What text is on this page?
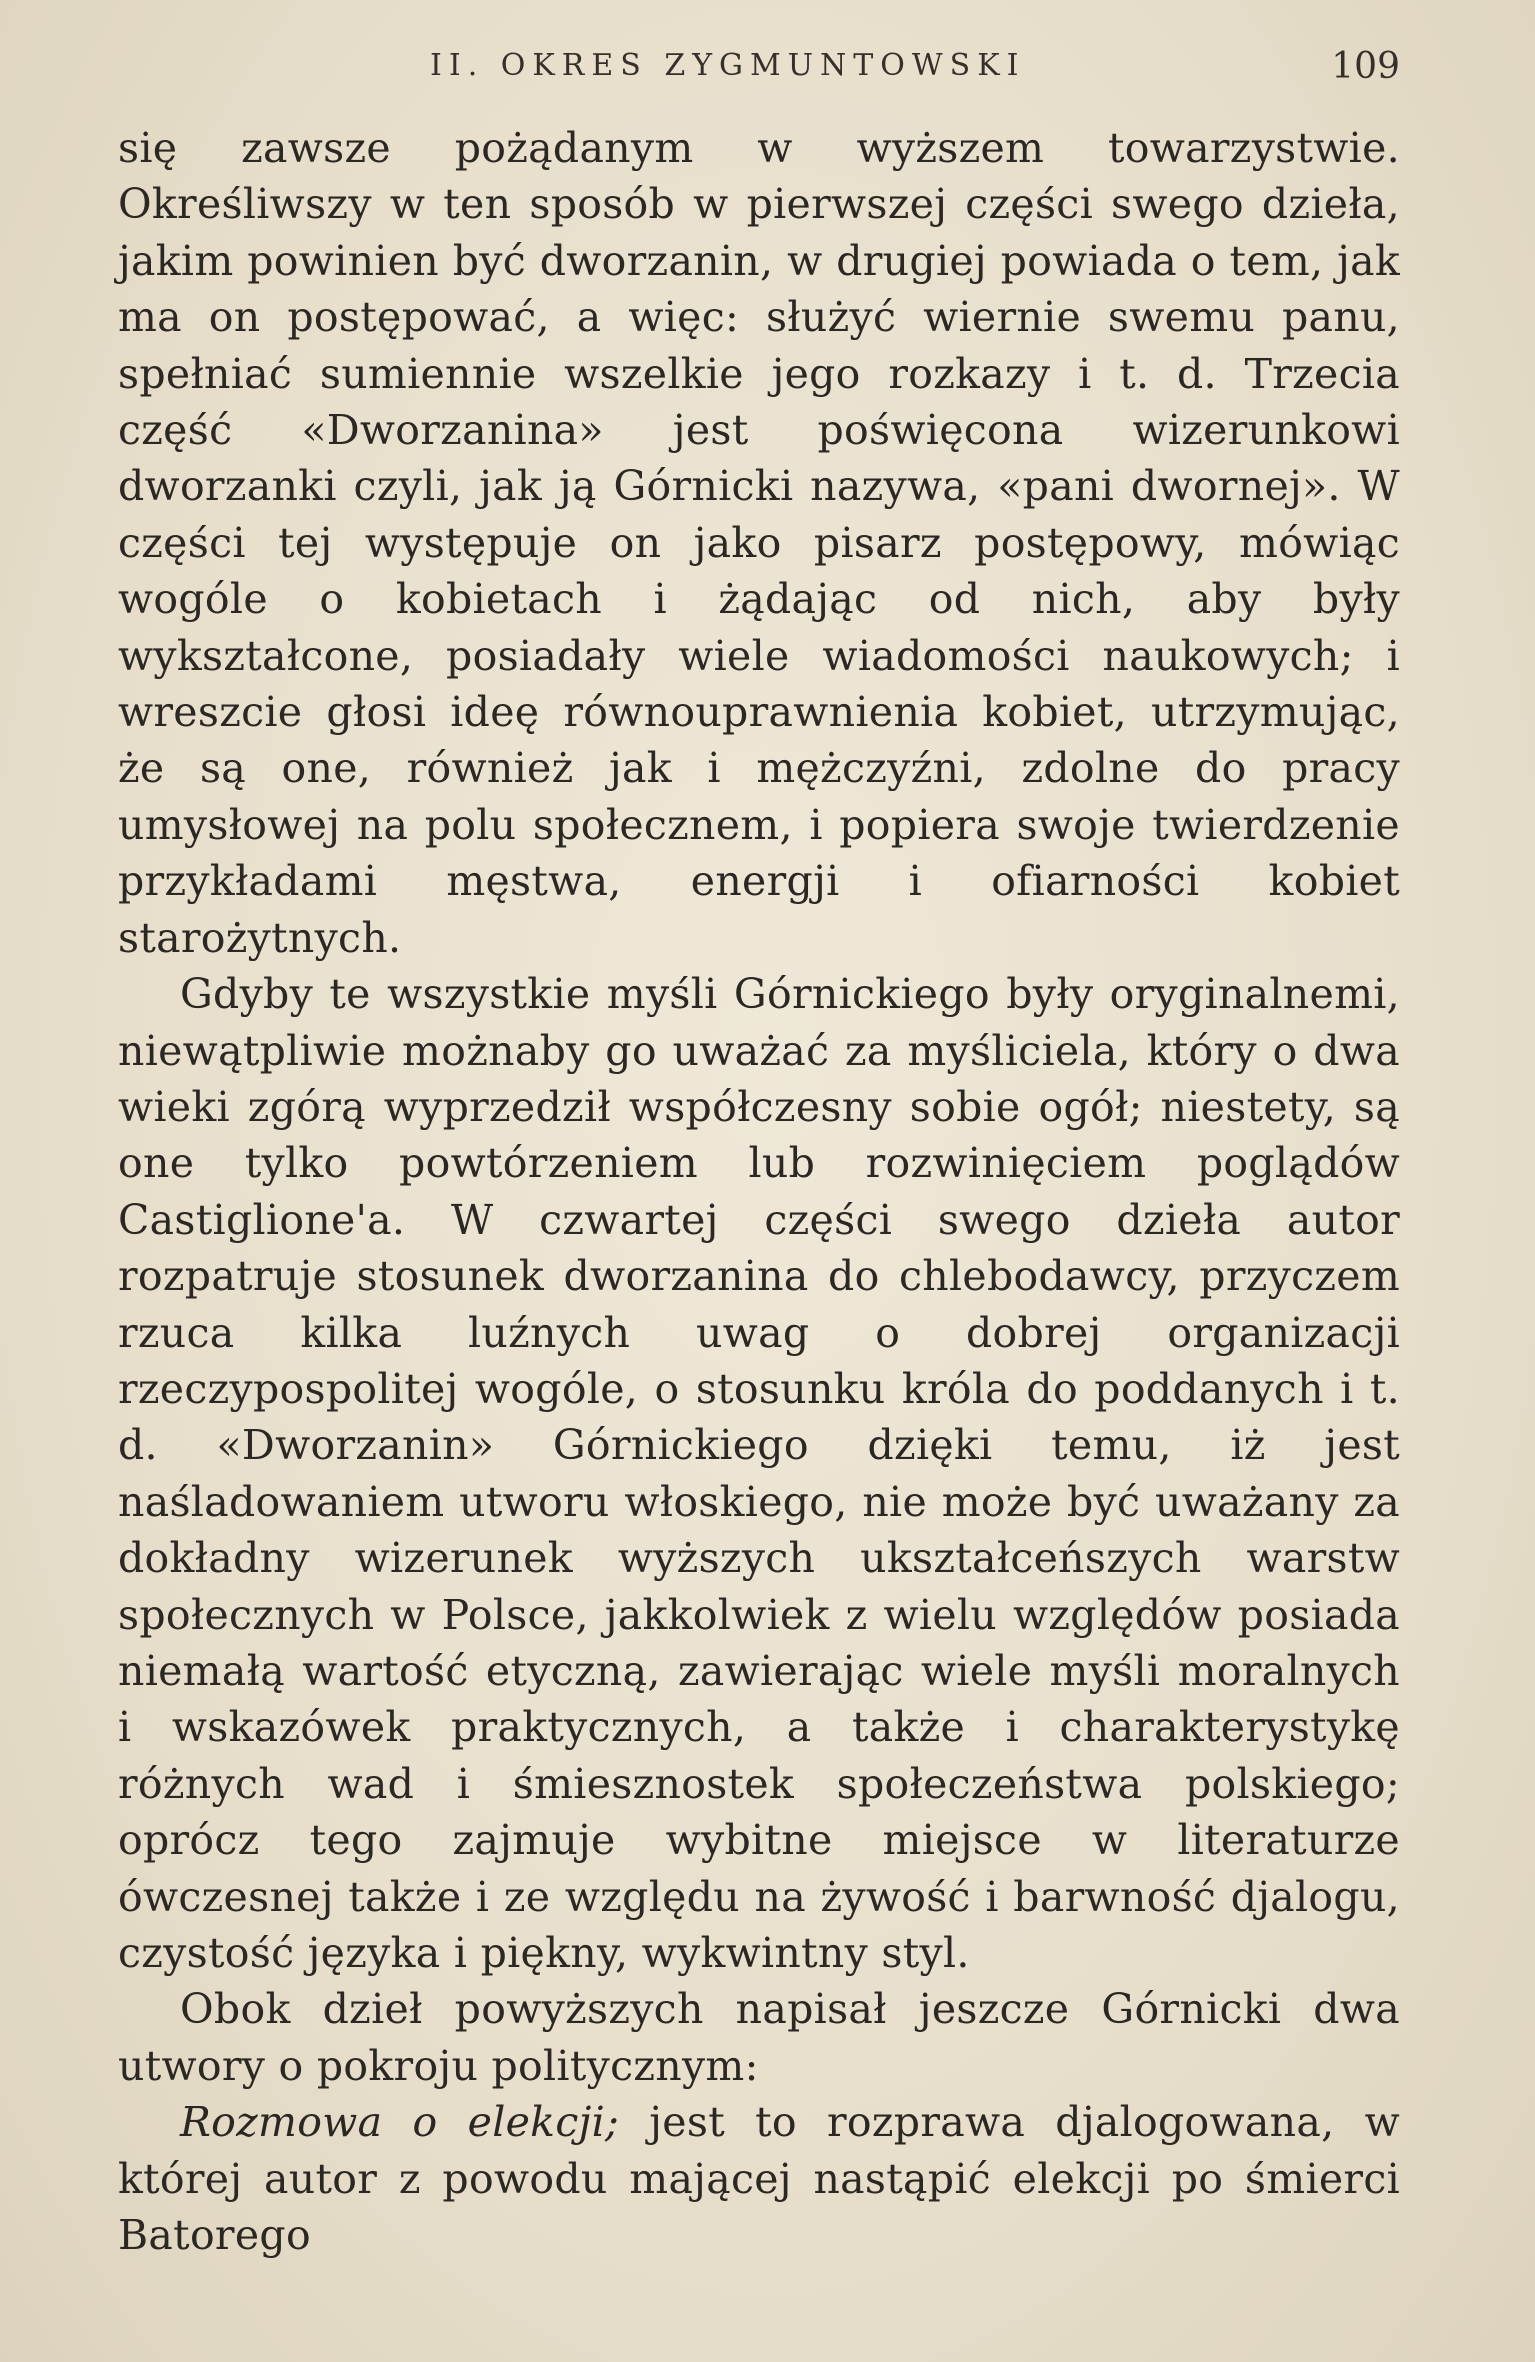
II. OKRES ZYGMUNTOWSKI	109

się zawsze pożądanym w wyższem towarzystwie. Określiwszy w ten sposób w pierwszej części swego dzieła, jakim powinien być dworzanin, w drugiej powiada o tem, jak ma on postępować, a więc: służyć wiernie swemu panu, spełniać sumiennie wszelkie jego rozkazy i t. d. Trzecia część «Dworzanina» jest poświęcona wizerunkowi dworzanki czyli, jak ją Górnicki nazywa, «pani dwornej». W części tej występuje on jako pisarz postępowy, mówiąc wogóle o kobietach i żądając od nich, aby były wykształcone, posiadały wiele wiadomości naukowych; i wreszcie głosi ideę równouprawnienia kobiet, utrzymując, że są one, również jak i mężczyźni, zdolne do pracy umysłowej na polu społecznem, i popiera swoje twierdzenie przykładami męstwa, energji i ofiarności kobiet starożytnych.

Gdyby te wszystkie myśli Górnickiego były oryginalnemi, niewątpliwie możnaby go uważać za myśliciela, który o dwa wieki zgórą wyprzedził współczesny sobie ogół; niestety, są one tylko powtórzeniem lub rozwinięciem poglądów Castiglione'a. W czwartej części swego dzieła autor rozpatruje stosunek dworzanina do chlebodawcy, przyczem rzuca kilka luźnych uwag o dobrej organizacji rzeczypospolitej wogóle, o stosunku króla do poddanych i t. d. «Dworzanin» Górnickiego dzięki temu, iż jest naśladowaniem utworu włoskiego, nie może być uważany za dokładny wizerunek wyższych ukształceńszych warstw społecznych w Polsce, jakkolwiek z wielu względów posiada niemałą wartość etyczną, zawierając wiele myśli moralnych i wskazówek praktycznych, a także i charakterystykę różnych wad i śmiesznostek społeczeństwa polskiego; oprócz tego zajmuje wybitne miejsce w literaturze ówczesnej także i ze względu na żywość i barwność djalogu, czystość języka i piękny, wykwintny styl.

Obok dzieł powyższych napisał jeszcze Górnicki dwa utwory o pokroju politycznym:

Rozmowa o elekcji; jest to rozprawa djalogowana, w której autor z powodu mającej nastąpić elekcji po śmierci Batorego
